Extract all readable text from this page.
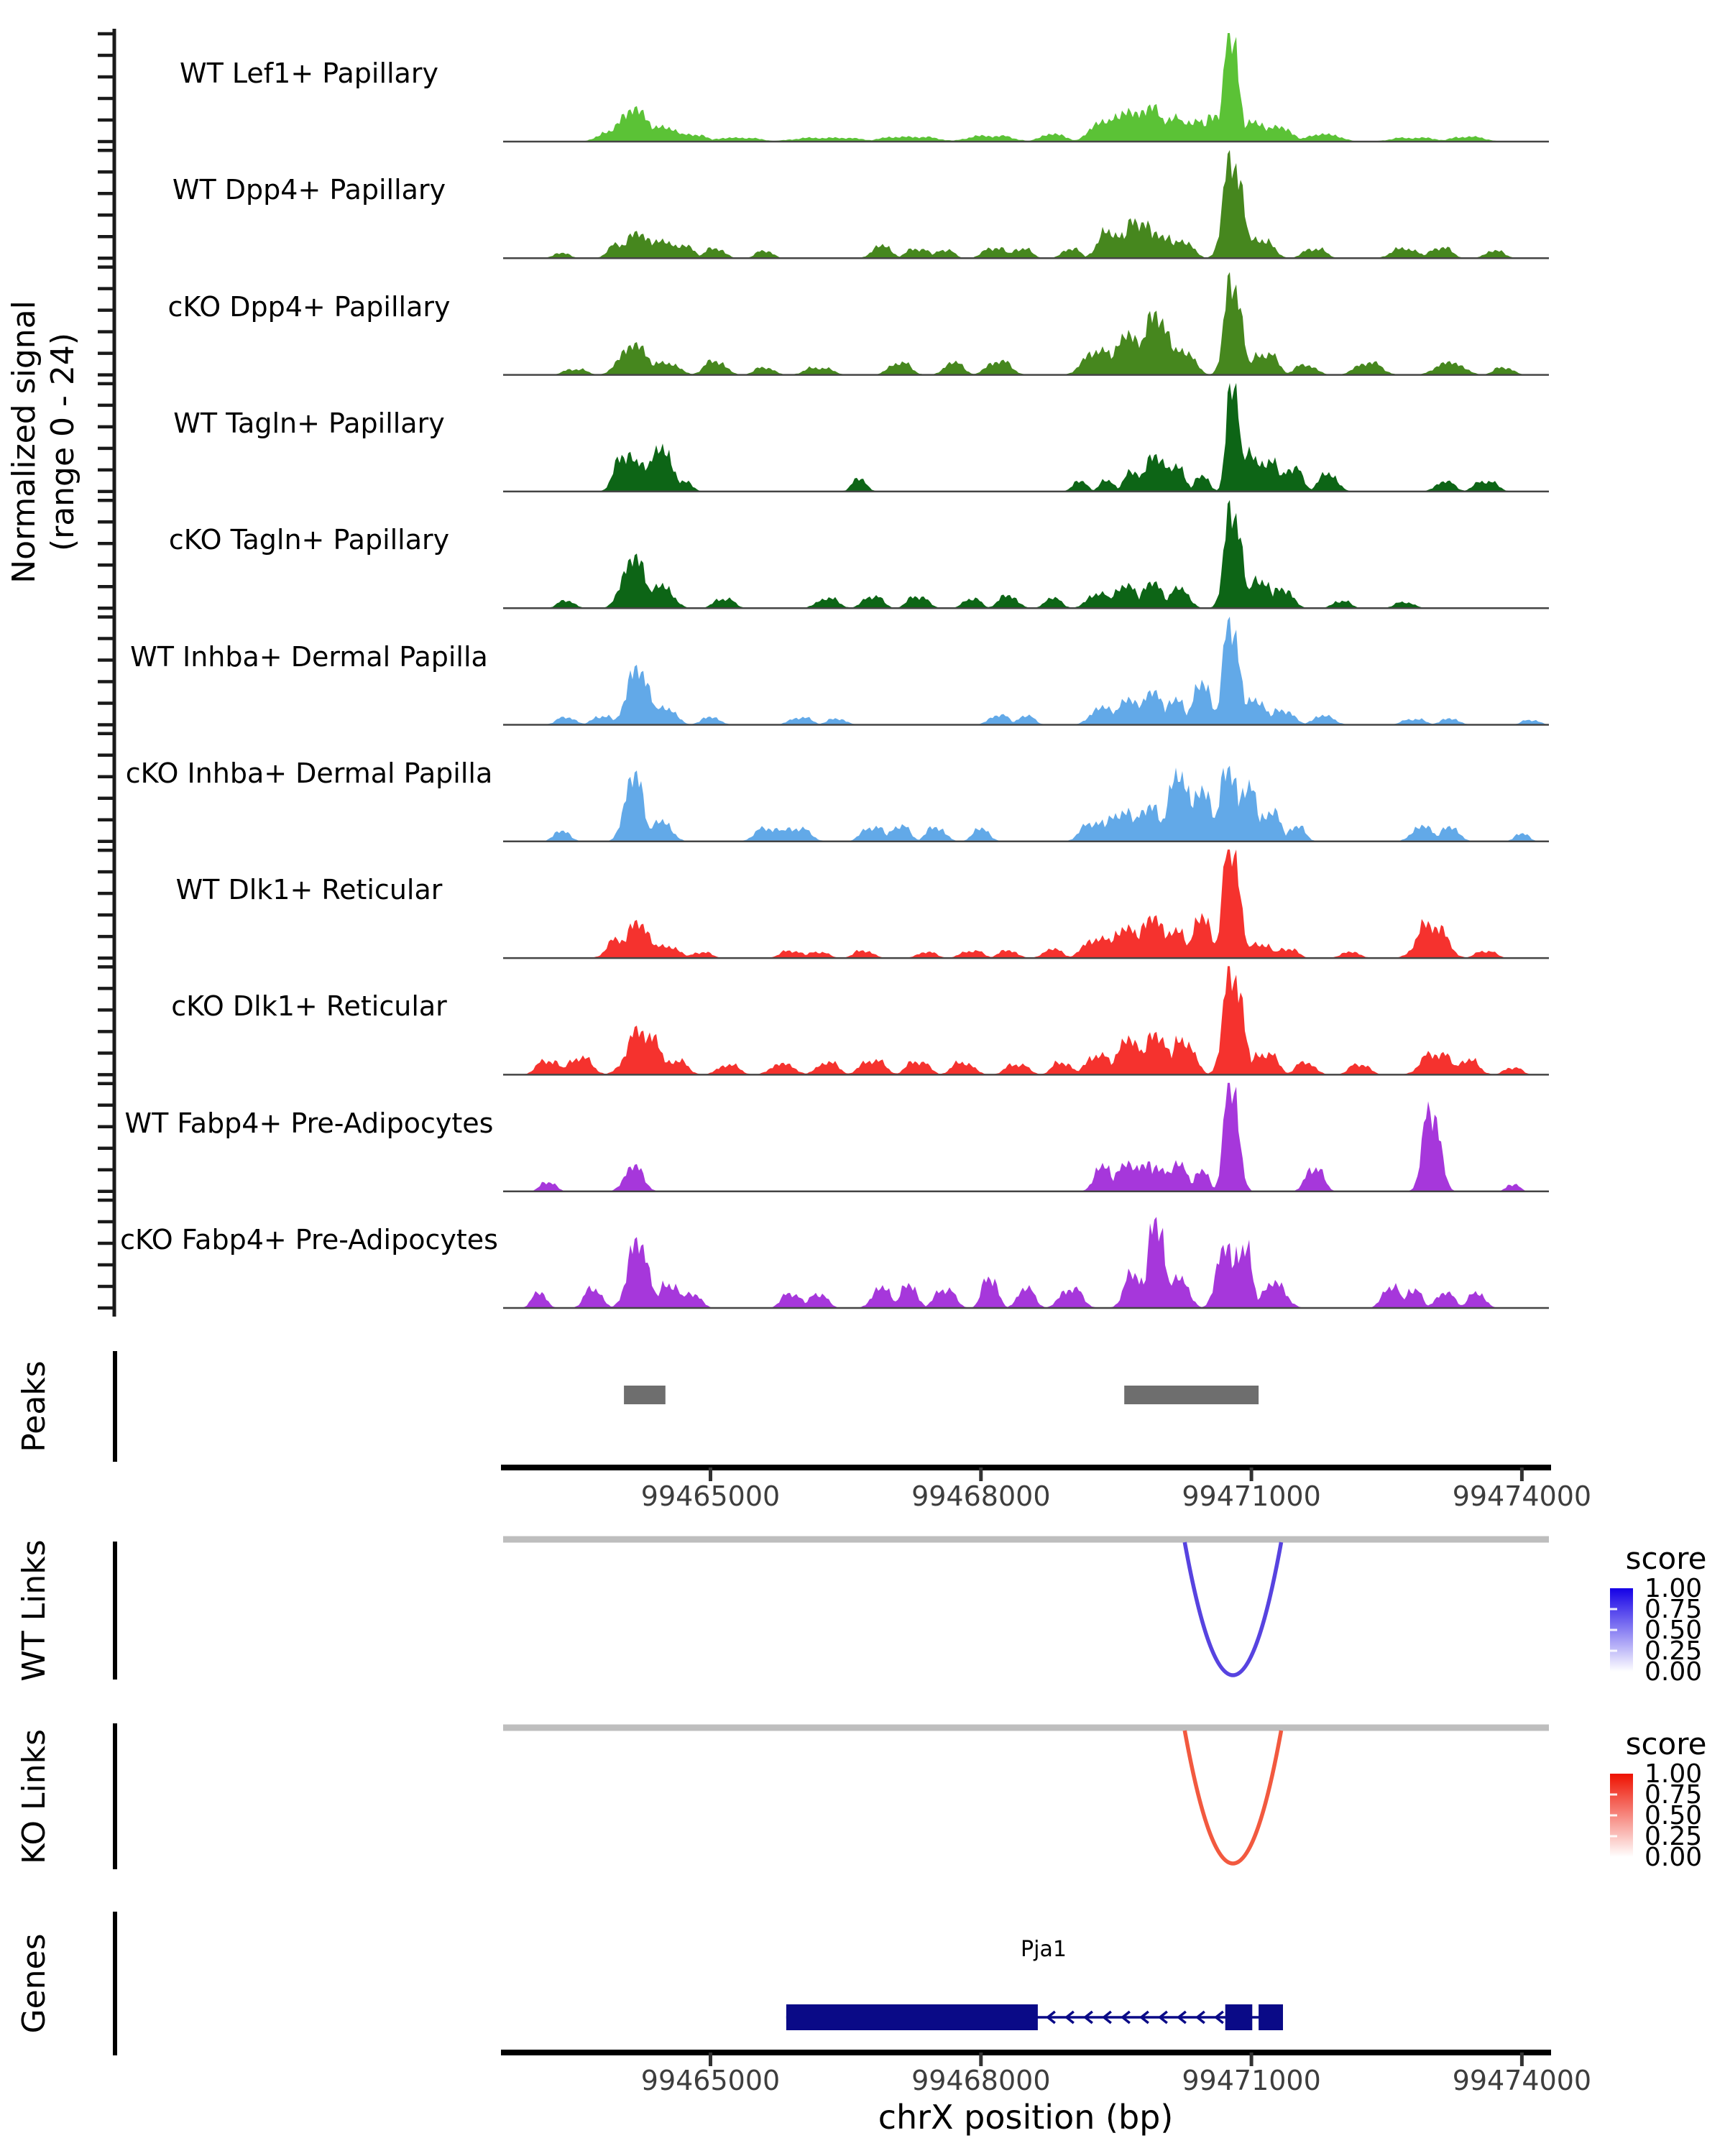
WT Lef1+ Papillary
WT Dpp4+ Papillary
cKO Dpp4+ Papillary
WT Tagln+ Papillary
cKO Tagln+ Papillary
WT Inhba+ Dermal Papilla
cKO Inhba+ Dermal Papilla
WT Dlk1+ Reticular
cKO Dlk1+ Reticular
WT Fabp4+ Pre-Adipocytes
cKO Fabp4+ Pre-Adipocytes
99465000	99468000	99471000	99474000
1.00
0.75
0.50
0.25
0.00
1.00
0.75
0.50
0.25
0.00
99465000	99468000	99471000	99474000
Normalized signal (range 0 - 24)
Peaks
WT Links
KO Links
Genes
score
score
Pja1
chrX position (bp)
